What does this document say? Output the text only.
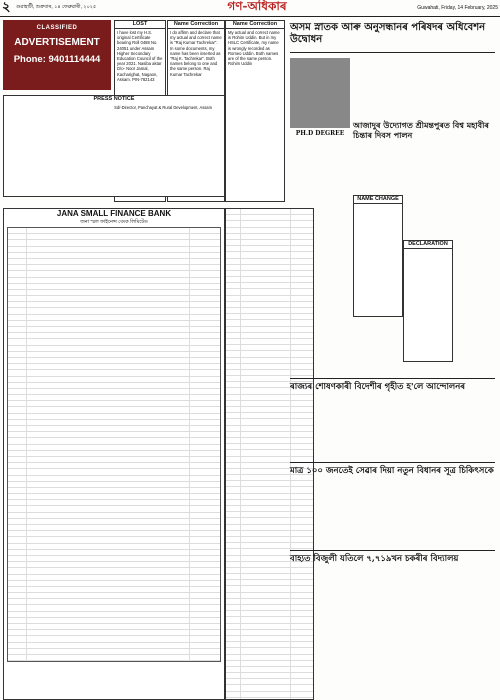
২	গুৱাহাটী, শুক্ৰবাৰ, ১৪ ফেব্ৰুৱাৰী, ২০২৫	গণ-অধিকাৰ	Guwahati, Friday, 14 February, 2025
CLASSIFIED
ADVERTISEMENT
Phone: 9401114444
LOST
I have lost my H.S. original Certificate bearing Roll 0488 No. 24051 under Assam Higher Secondary Education Council of the year 2021. Nasiba aktar D/o- Noor Jamal, Kacharighat, Nagaon, Assam. PIN-782143
Name Correction
I do affirm and declare that my actual and correct name is "Raj Kumar Tachrekar". In some documents, my name has been inserted as "Raj K. Tachrekar". Both names belong to one and the same person. Raj Kumar Tachrekar
Name Correction
My actual and correct name is Rohim Uddin. But in my HSLC Certificate, my name is wrongly recorded as Romeo Uddin. Both names are of the same person. Rohim Uddin
PRESS NOTICE
Sd/-Director, Panchayat & Rural Development, Assam
JANA SMALL FINANCE BANK
জনা স্মল ফাইনেন্স বেংক লিমিটেড
অসম স্নাতক আৰু অনুসন্ধানৰ পৰিষদৰ অধিবেশন উদ্বোধন
PH.D DEGREE
NAME CHANGE
DECLARATION
আজাদুৰ উদ্যোগত শ্ৰীমন্তপুৰত বিশ্ব মহাবীৰ চিন্তাৰ দিবস পালন
ৰাজ্যৰ শোষণকাৰী বিদেশীৰ গৃহীত হ'লে আন্দোলনৰ
মাত্ৰ ১০০ জনতেই সেৱাৰ দিয়া নতুন বিধানৰ সূত্ৰ চিকিৎসকে
বাহ্যত বিজুলী যতিলে ৭,৭১৯খন চকৰীৰ বিদ্যালয়
